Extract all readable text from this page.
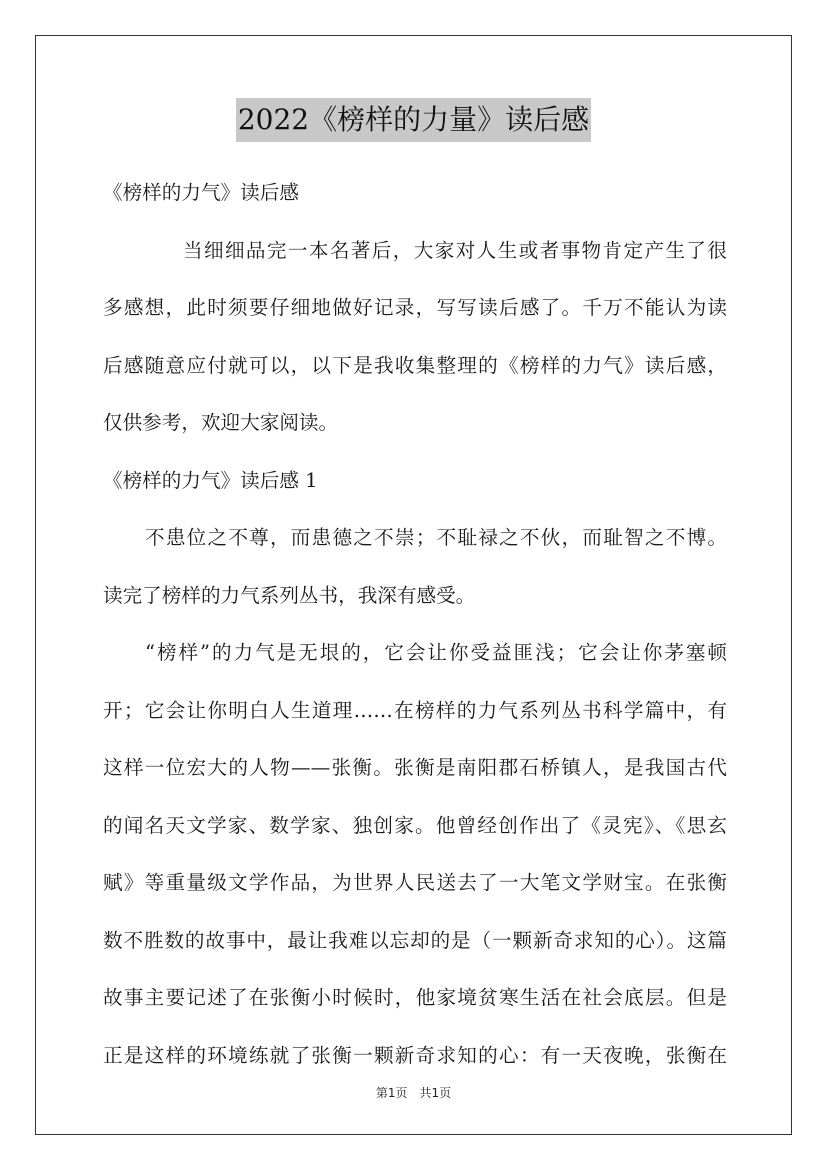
2022《榜样的力量》读后感
《榜样的力气》读后感
当细细品完一本名著后，大家对人生或者事物肯定产生了很
多感想，此时须要仔细地做好记录，写写读后感了。千万不能认为读
后感随意应付就可以，以下是我收集整理的《榜样的力气》读后感，
仅供参考，欢迎大家阅读。
《榜样的力气》读后感 1
不患位之不尊，而患德之不崇；不耻禄之不伙，而耻智之不博。
读完了榜样的力气系列丛书，我深有感受。
“榜样”的力气是无垠的，它会让你受益匪浅；它会让你茅塞顿
开；它会让你明白人生道理……在榜样的力气系列丛书科学篇中，有
这样一位宏大的人物——张衡。张衡是南阳郡石桥镇人，是我国古代
的闻名天文学家、数学家、独创家。他曾经创作出了《灵宪》、《思玄
赋》等重量级文学作品，为世界人民送去了一大笔文学财宝。在张衡
数不胜数的故事中，最让我难以忘却的是（一颗新奇求知的心）。这篇
故事主要记述了在张衡小时候时，他家境贫寒生活在社会底层。但是
正是这样的环境练就了张衡一颗新奇求知的心：有一天夜晚，张衡在
第1页　共1页
